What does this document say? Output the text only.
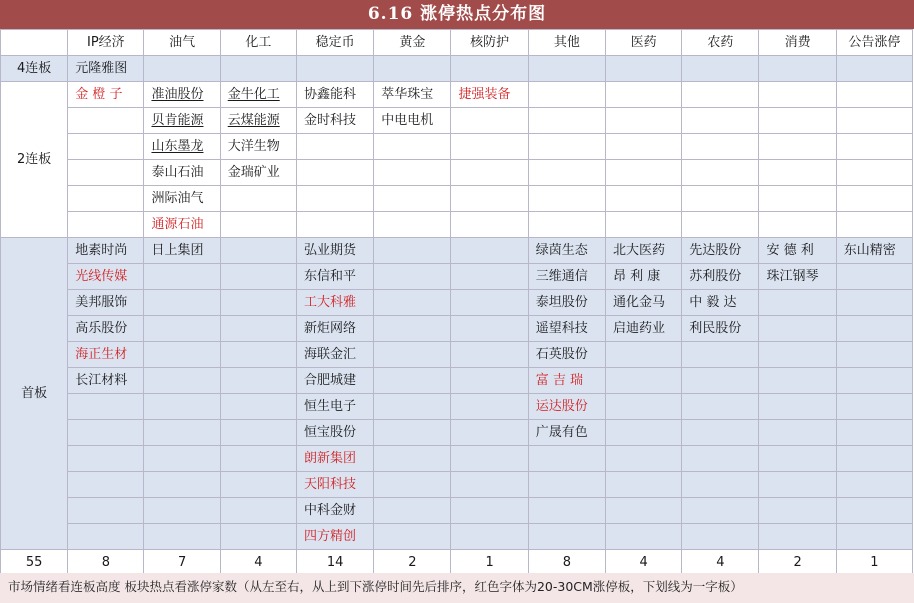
6.16 涨停热点分布图
	IP经济	油气	化工	稳定币	黄金	核防护	其他	医药	农药	消费	公告涨停
4连板	元隆雅图										
2连板	金 橙 子	准油股份	金牛化工	协鑫能科	萃华珠宝	捷强装备					
		贝肯能源	云煤能源	金时科技	中电电机						
		山东墨龙	大洋生物								
		泰山石油	金瑞矿业								
		洲际油气									
		通源石油									
首板	地素时尚	日上集团		弘业期货			绿茵生态	北大医药	先达股份	安 德 利	东山精密
	光线传媒			东信和平			三维通信	昂 利 康	苏利股份	珠江钢琴	
	美邦服饰			工大科雅			泰坦股份	通化金马	中 毅 达		
	高乐股份			新炬网络			遥望科技	启迪药业	利民股份		
	海正生材			海联金汇			石英股份				
	长江材料			合肥城建			富 吉 瑞				
				恒生电子			运达股份				
				恒宝股份			广晟有色				
				朗新集团							
				天阳科技							
				中科金财							
				四方精创							
55	8	7	4	14	2	1	8	4	4	2	1
市场情绪看连板高度 板块热点看涨停家数（从左至右，从上到下涨停时间先后排序，红色字体为20-30CM涨停板，下划线为一字板）
